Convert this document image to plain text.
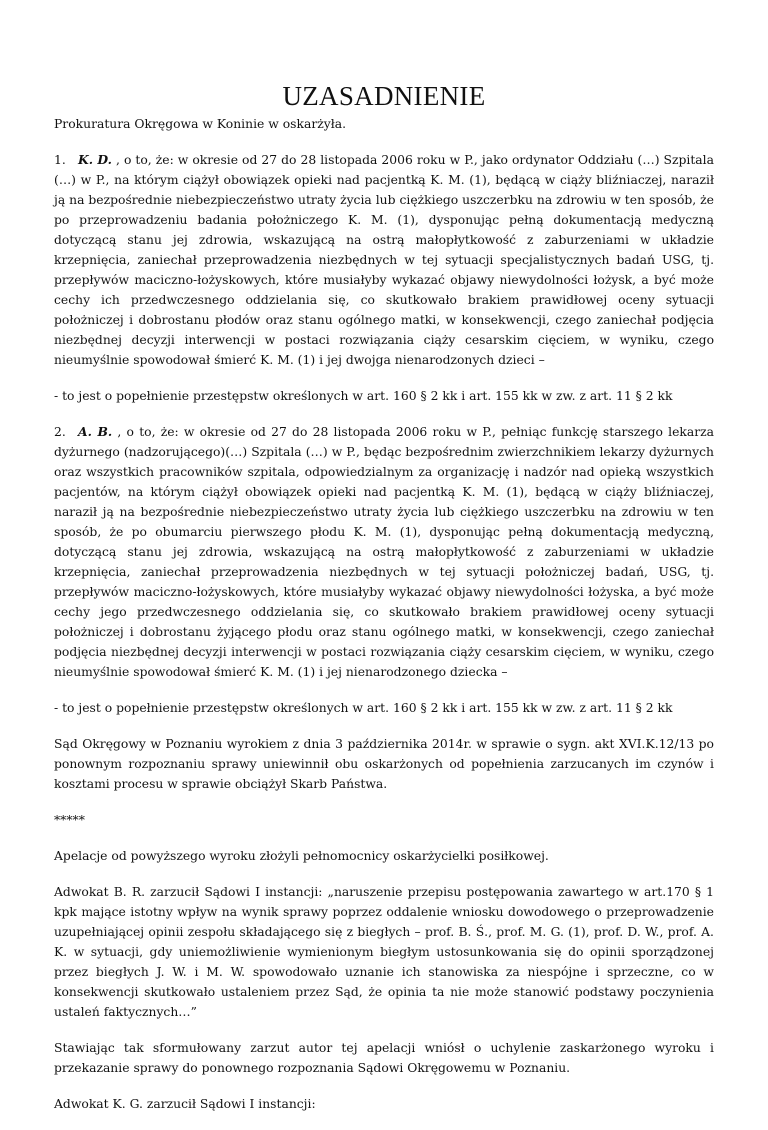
UZASADNIENIE

Prokuratura Okręgowa w Koninie w oskarżyła.

1. K. D. , o to, że: w okresie od 27 do 28 listopada 2006 roku w P., jako ordynator Oddziału (…) Szpitala (…) w P., na którym ciążył obowiązek opieki nad pacjentką K. M. (1), będącą w ciąży bliźniaczej, naraził ją na bezpośrednie niebezpieczeństwo utraty życia lub ciężkiego uszczerbku na zdrowiu w ten sposób, że po przeprowadzeniu badania położniczego K. M. (1), dysponując pełną dokumentacją medyczną dotyczącą stanu jej zdrowia, wskazującą na ostrą małopłytkowość z zaburzeniami w układzie krzepnięcia, zaniechał przeprowadzenia niezbędnych w tej sytuacji specjalistycznych badań USG, tj. przepływów maciczno-łożyskowych, które musiałyby wykazać objawy niewydolności łożysk, a być może cechy ich przedwczesnego oddzielania się, co skutkowało brakiem prawidłowej oceny sytuacji położniczej i dobrostanu płodów oraz stanu ogólnego matki, w konsekwencji, czego zaniechał podjęcia niezbędnej decyzji interwencji w postaci rozwiązania ciąży cesarskim cięciem, w wyniku, czego nieumyślnie spowodował śmierć K. M. (1) i jej dwojga nienarodzonych dzieci –

- to jest o popełnienie przestępstw określonych w art. 160 § 2 kk i art. 155 kk w zw. z art. 11 § 2 kk

2. A. B. , o to, że: w okresie od 27 do 28 listopada 2006 roku w P., pełniąc funkcję starszego lekarza dyżurnego (nadzorującego)(…) Szpitala (…) w P., będąc bezpośrednim zwierzchnikiem lekarzy dyżurnych oraz wszystkich pracowników szpitala, odpowiedzialnym za organizację i nadzór nad opieką wszystkich pacjentów, na którym ciążył obowiązek opieki nad pacjentką K. M. (1), będącą w ciąży bliźniaczej, naraził ją na bezpośrednie niebezpieczeństwo utraty życia lub ciężkiego uszczerbku na zdrowiu w ten sposób, że po obumarciu pierwszego płodu K. M. (1), dysponując pełną dokumentacją medyczną, dotyczącą stanu jej zdrowia, wskazującą na ostrą małopłytkowość z zaburzeniami w układzie krzepnięcia, zaniechał przeprowadzenia niezbędnych w tej sytuacji położniczej badań, USG, tj. przepływów maciczno-łożyskowych, które musiałyby wykazać objawy niewydolności łożyska, a być może cechy jego przedwczesnego oddzielania się, co skutkowało brakiem prawidłowej oceny sytuacji położniczej i dobrostanu żyjącego płodu oraz stanu ogólnego matki, w konsekwencji, czego zaniechał podjęcia niezbędnej decyzji interwencji w postaci rozwiązania ciąży cesarskim cięciem, w wyniku, czego nieumyślnie spowodował śmierć K. M. (1) i jej nienarodzonego dziecka –

- to jest o popełnienie przestępstw określonych w art. 160 § 2 kk i art. 155 kk w zw. z art. 11 § 2 kk

Sąd Okręgowy w Poznaniu wyrokiem z dnia 3 października 2014r. w sprawie o sygn. akt XVI.K.12/13 po ponownym rozpoznaniu sprawy uniewinnił obu oskarżonych od popełnienia zarzucanych im czynów i kosztami procesu w sprawie obciążył Skarb Państwa.

*****

Apelacje od powyższego wyroku złożyli pełnomocnicy oskarżycielki posiłkowej.

Adwokat B. R. zarzucił Sądowi I instancji: „naruszenie przepisu postępowania zawartego w art.170 § 1 kpk mające istotny wpływ na wynik sprawy poprzez oddalenie wniosku dowodowego o przeprowadzenie uzupełniającej opinii zespołu składającego się z biegłych – prof. B. Ś., prof. M. G. (1), prof. D. W., prof. A. K. w sytuacji, gdy uniemożliwienie wymienionym biegłym ustosunkowania się do opinii sporządzonej przez biegłych J. W. i M. W. spowodowało uznanie ich stanowiska za niespójne i sprzeczne, co w konsekwencji skutkowało ustaleniem przez Sąd, że opinia ta nie może stanowić podstawy poczynienia ustaleń faktycznych…”

Stawiając tak sformułowany zarzut autor tej apelacji wniósł o uchylenie zaskarżonego wyroku i przekazanie sprawy do ponownego rozpoznania Sądowi Okręgowemu w Poznaniu.

Adwokat K. G. zarzucił Sądowi I instancji:
